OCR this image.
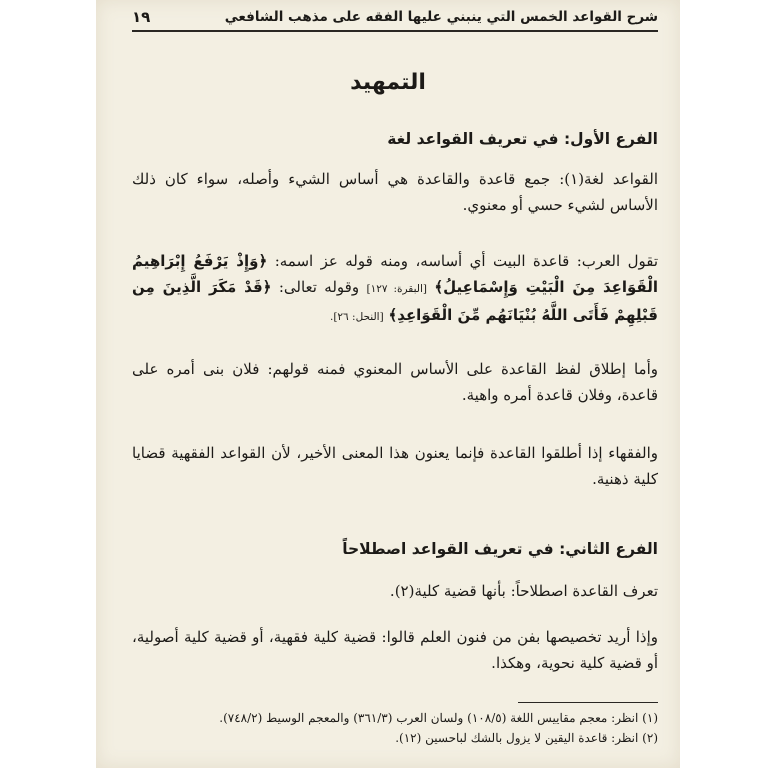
شرح القواعد الخمس التي ينبني عليها الفقه على مذهب الشافعي
١٩
التمهيد
الفرع الأول: في تعريف القواعد لغة
القواعد لغة(١): جمع قاعدة والقاعدة هي أساس الشيء وأصله، سواء كان ذلك الأساس لشيء حسي أو معنوي.
تقول العرب: قاعدة البيت أي أساسه، ومنه قوله عز اسمه: ﴿وَإِذْ يَرْفَعُ إِبْرَاهِيمُ الْقَوَاعِدَ مِنَ الْبَيْتِ وَإِسْمَاعِيلُ﴾ [البقرة: ١٢٧] وقوله تعالى: ﴿قَدْ مَكَرَ الَّذِينَ مِن قَبْلِهِمْ فَأَتَى اللَّهُ بُنْيَانَهُم مِّنَ الْقَوَاعِدِ﴾ [النحل: ٢٦].
وأما إطلاق لفظ القاعدة على الأساس المعنوي فمنه قولهم: فلان بنى أمره على قاعدة، وفلان قاعدة أمره واهية.
والفقهاء إذا أطلقوا القاعدة فإنما يعنون هذا المعنى الأخير، لأن القواعد الفقهية قضايا كلية ذهنية.
الفرع الثاني: في تعريف القواعد اصطلاحاً
تعرف القاعدة اصطلاحاً: بأنها قضية كلية(٢).
وإذا أريد تخصيصها بفن من فنون العلم قالوا: قضية كلية فقهية، أو قضية كلية أصولية، أو قضية كلية نحوية، وهكذا.
(١) انظر: معجم مقاييس اللغة (١٠٨/٥) ولسان العرب (٣٦١/٣) والمعجم الوسيط (٧٤٨/٢).
(٢) انظر: قاعدة اليقين لا يزول بالشك لباحسين (١٢).
